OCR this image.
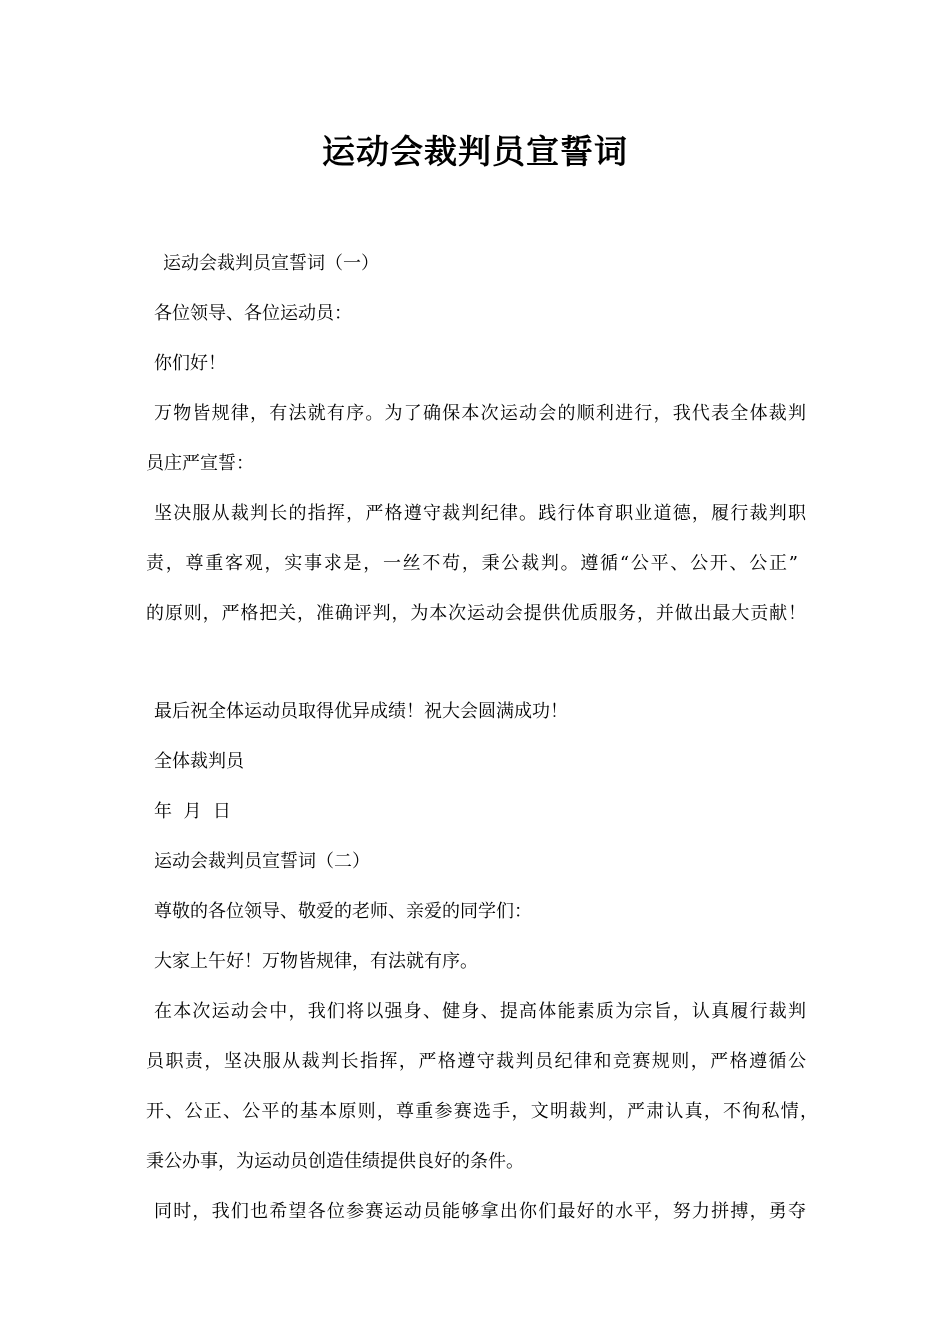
运动会裁判员宣誓词
运动会裁判员宣誓词（一）
各位领导、各位运动员：
你们好！
万物皆规律，有法就有序。为了确保本次运动会的顺利进行，我代表全体裁判
员庄严宣誓：
坚决服从裁判长的指挥，严格遵守裁判纪律。践行体育职业道德，履行裁判职
责，尊重客观，实事求是，一丝不苟，秉公裁判。遵循“公平、公开、公正”
的原则，严格把关，准确评判，为本次运动会提供优质服务，并做出最大贡献！
最后祝全体运动员取得优异成绩！祝大会圆满成功！
全体裁判员
年  月  日
运动会裁判员宣誓词（二）
尊敬的各位领导、敬爱的老师、亲爱的同学们：
大家上午好！万物皆规律，有法就有序。
在本次运动会中，我们将以强身、健身、提高体能素质为宗旨，认真履行裁判
员职责，坚决服从裁判长指挥，严格遵守裁判员纪律和竞赛规则，严格遵循公
开、公正、公平的基本原则，尊重参赛选手，文明裁判，严肃认真，不徇私情，
秉公办事，为运动员创造佳绩提供良好的条件。
同时，我们也希望各位参赛运动员能够拿出你们最好的水平，努力拼搏，勇夺
